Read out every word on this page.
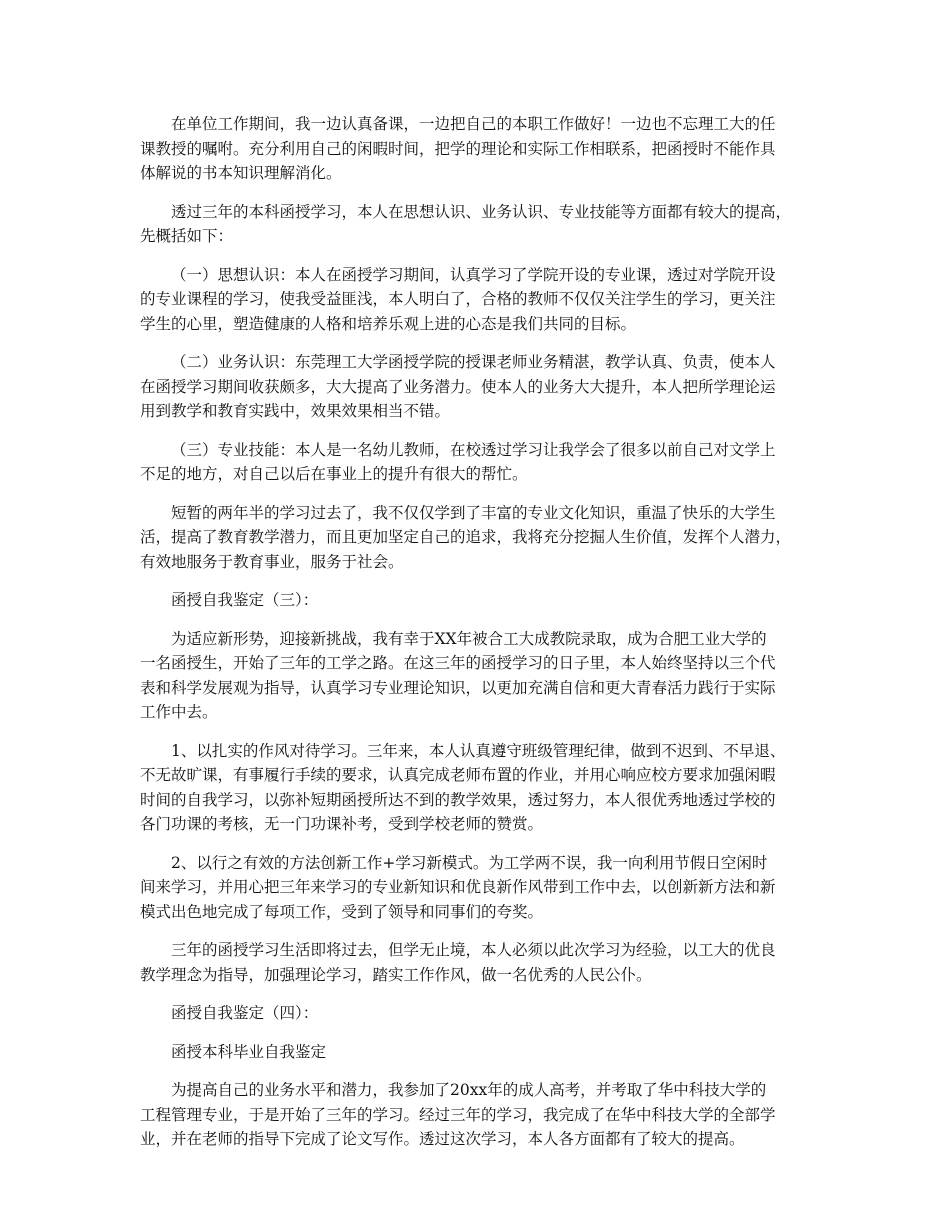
在单位工作期间，我一边认真备课，一边把自己的本职工作做好！一边也不忘理工大的任
课教授的嘱咐。充分利用自己的闲暇时间，把学的理论和实际工作相联系，把函授时不能作具
体解说的书本知识理解消化。
透过三年的本科函授学习，本人在思想认识、业务认识、专业技能等方面都有较大的提高，
先概括如下：
（一）思想认识：本人在函授学习期间，认真学习了学院开设的专业课，透过对学院开设
的专业课程的学习，使我受益匪浅，本人明白了，合格的教师不仅仅关注学生的学习，更关注
学生的心里，塑造健康的人格和培养乐观上进的心态是我们共同的目标。
（二）业务认识：东莞理工大学函授学院的授课老师业务精湛，教学认真、负责，使本人
在函授学习期间收获颇多，大大提高了业务潜力。使本人的业务大大提升，本人把所学理论运
用到教学和教育实践中，效果效果相当不错。
（三）专业技能：本人是一名幼儿教师，在校透过学习让我学会了很多以前自己对文学上
不足的地方，对自己以后在事业上的提升有很大的帮忙。
短暂的两年半的学习过去了，我不仅仅学到了丰富的专业文化知识，重温了快乐的大学生
活，提高了教育教学潜力，而且更加坚定自己的追求，我将充分挖掘人生价值，发挥个人潜力，
有效地服务于教育事业，服务于社会。
函授自我鉴定（三）：
为适应新形势，迎接新挑战，我有幸于XX年被合工大成教院录取，成为合肥工业大学的
一名函授生，开始了三年的工学之路。在这三年的函授学习的日子里，本人始终坚持以三个代
表和科学发展观为指导，认真学习专业理论知识，以更加充满自信和更大青春活力践行于实际
工作中去。
1、以扎实的作风对待学习。三年来，本人认真遵守班级管理纪律，做到不迟到、不早退、
不无故旷课，有事履行手续的要求，认真完成老师布置的作业，并用心响应校方要求加强闲暇
时间的自我学习，以弥补短期函授所达不到的教学效果，透过努力，本人很优秀地透过学校的
各门功课的考核，无一门功课补考，受到学校老师的赞赏。
2、以行之有效的方法创新工作+学习新模式。为工学两不误，我一向利用节假日空闲时
间来学习，并用心把三年来学习的专业新知识和优良新作风带到工作中去，以创新新方法和新
模式出色地完成了每项工作，受到了领导和同事们的夸奖。
三年的函授学习生活即将过去，但学无止境，本人必须以此次学习为经验，以工大的优良
教学理念为指导，加强理论学习，踏实工作作风，做一名优秀的人民公仆。
函授自我鉴定（四）：
函授本科毕业自我鉴定
为提高自己的业务水平和潜力，我参加了20xx年的成人高考，并考取了华中科技大学的
工程管理专业，于是开始了三年的学习。经过三年的学习，我完成了在华中科技大学的全部学
业，并在老师的指导下完成了论文写作。透过这次学习，本人各方面都有了较大的提高。
